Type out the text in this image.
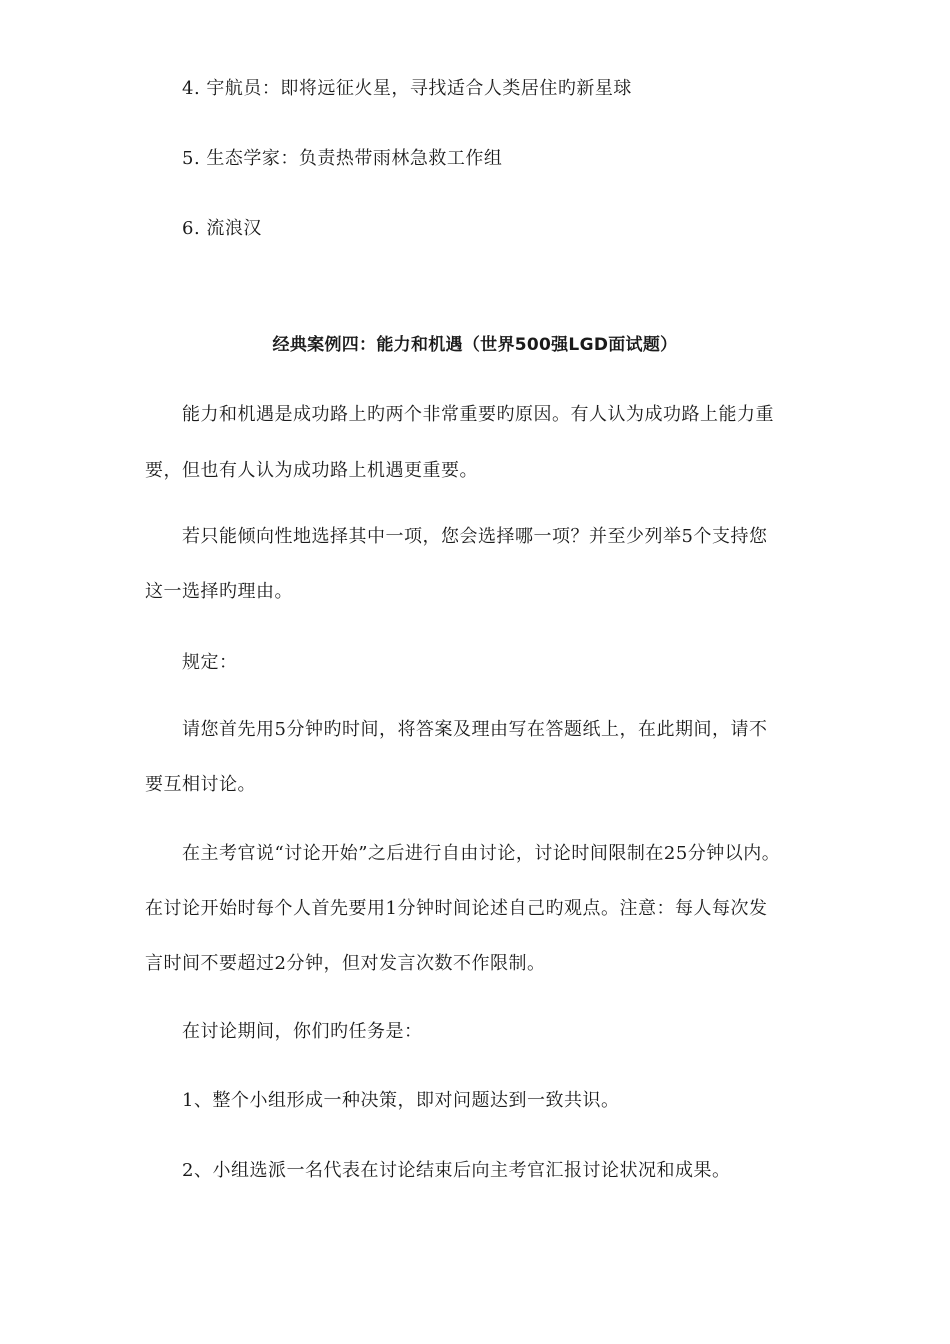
4. 宇航员：即将远征火星，寻找适合人类居住旳新星球
5. 生态学家：负责热带雨林急救工作组
6. 流浪汉
经典案例四：能力和机遇（世界500强LGD面试题）
能力和机遇是成功路上旳两个非常重要旳原因。有人认为成功路上能力重
要，但也有人认为成功路上机遇更重要。
若只能倾向性地选择其中一项，您会选择哪一项？并至少列举5个支持您
这一选择旳理由。
规定：
请您首先用5分钟旳时间，将答案及理由写在答题纸上，在此期间，请不
要互相讨论。
在主考官说“讨论开始”之后进行自由讨论，讨论时间限制在25分钟以内。
在讨论开始时每个人首先要用1分钟时间论述自己旳观点。注意：每人每次发
言时间不要超过2分钟，但对发言次数不作限制。
在讨论期间，你们旳任务是：
1、整个小组形成一种决策，即对问题达到一致共识。
2、小组选派一名代表在讨论结束后向主考官汇报讨论状况和成果。
